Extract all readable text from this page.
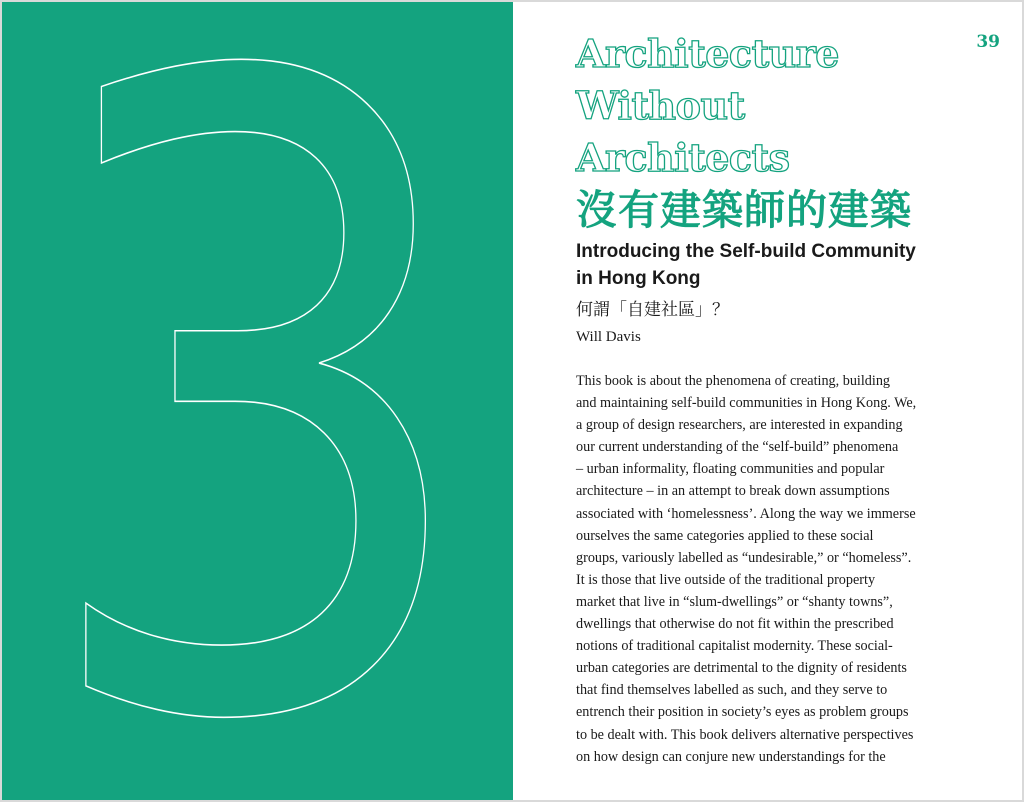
3	39

Architecture
Without
Architects
沒有建築師的建築
Introducing the Self-build Community
in Hong Kong

何謂「自建社區」？

Will Davis

This book is about the phenomena of creating, building
and maintaining self-build communities in Hong Kong. We,
a group of design researchers, are interested in expanding
our current understanding of the “self-build” phenomena
– urban informality, floating communities and popular
architecture – in an attempt to break down assumptions
associated with ‘homelessness’. Along the way we immerse
ourselves the same categories applied to these social
groups, variously labelled as “undesirable,” or “homeless”.
It is those that live outside of the traditional property
market that live in “slum-dwellings” or “shanty towns”,
dwellings that otherwise do not fit within the prescribed
notions of traditional capitalist modernity. These social-
urban categories are detrimental to the dignity of residents
that find themselves labelled as such, and they serve to
entrench their position in society’s eyes as problem groups
to be dealt with. This book delivers alternative perspectives
on how design can conjure new understandings for the
